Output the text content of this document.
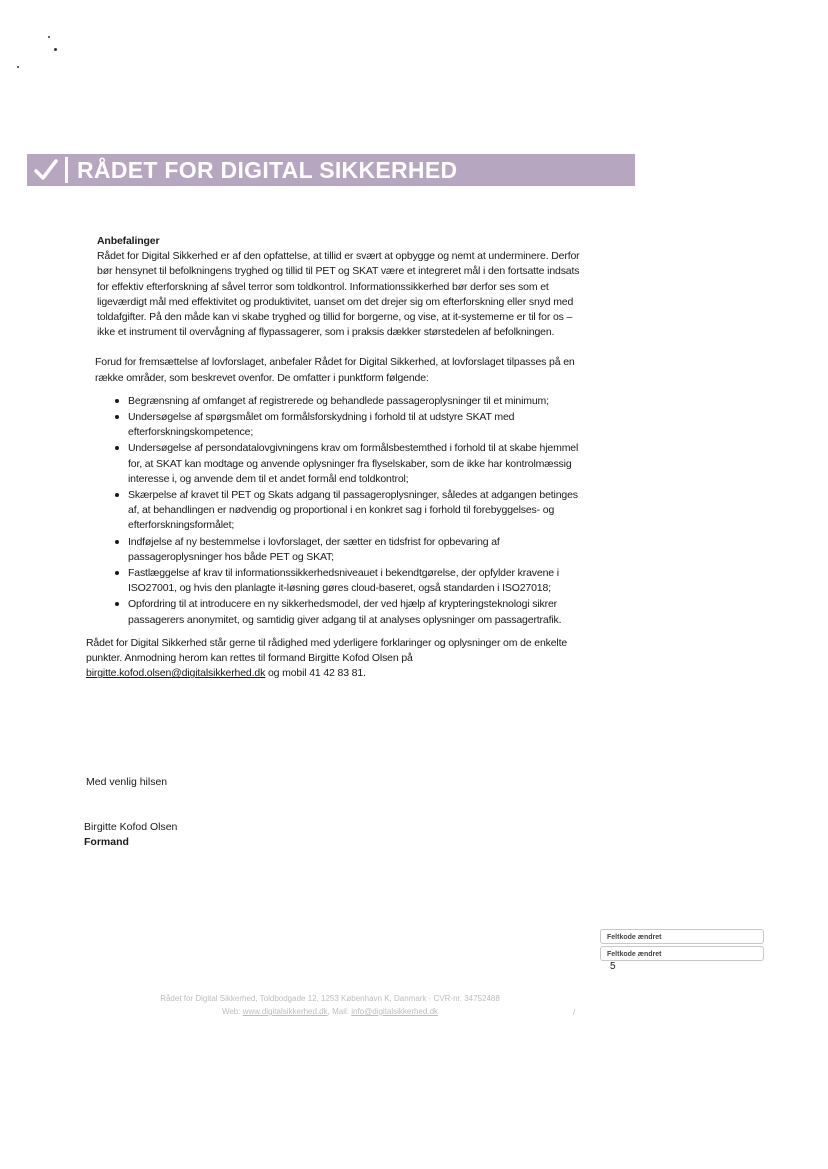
RÅDET FOR DIGITAL SIKKERHED

Anbefalinger

Rådet for Digital Sikkerhed er af den opfattelse, at tillid er svært at opbygge og nemt at underminere. Derfor bør hensynet til befolkningens tryghed og tillid til PET og SKAT være et integreret mål i den fortsatte indsats for effektiv efterforskning af såvel terror som toldkontrol. Informationssikkerhed bør derfor ses som et ligeværdigt mål med effektivitet og produktivitet, uanset om det drejer sig om efterforskning eller snyd med toldafgifter. På den måde kan vi skabe tryghed og tillid for borgerne, og vise, at it-systemerne er til for os – ikke et instrument til overvågning af flypassagerer, som i praksis dækker størstedelen af befolkningen.

Forud for fremsættelse af lovforslaget, anbefaler Rådet for Digital Sikkerhed, at lovforslaget tilpasses på en række områder, som beskrevet ovenfor. De omfatter i punktform følgende:

Begrænsning af omfanget af registrerede og behandlede passageroplysninger til et minimum;
Undersøgelse af spørgsmålet om formålsforskydning i forhold til at udstyre SKAT med efterforskningskompetence;
Undersøgelse af persondatalovgivningens krav om formålsbestemthed i forhold til at skabe hjemmel for, at SKAT kan modtage og anvende oplysninger fra flyselskaber, som de ikke har kontrolmæssig interesse i, og anvende dem til et andet formål end toldkontrol;
Skærpelse af kravet til PET og Skats adgang til passageroplysninger, således at adgangen betinges af, at behandlingen er nødvendig og proportional i en konkret sag i forhold til forebyggelses- og efterforskningsformålet;
Indføjelse af ny bestemmelse i lovforslaget, der sætter en tidsfrist for opbevaring af passageroplysninger hos både PET og SKAT;
Fastlæggelse af krav til informationssikkerhedsniveauet i bekendtgørelse, der opfylder kravene i ISO27001, og hvis den planlagte it-løsning gøres cloud-baseret, også standarden i ISO27018;
Opfordring til at introducere en ny sikkerhedsmodel, der ved hjælp af krypteringsteknologi sikrer passagerers anonymitet, og samtidig giver adgang til at analyses oplysninger om passagertrafik.

Rådet for Digital Sikkerhed står gerne til rådighed med yderligere forklaringer og oplysninger om de enkelte punkter. Anmodning herom kan rettes til formand Birgitte Kofod Olsen på birgitte.kofod.olsen@digitalsikkerhed.dk og mobil 41 42 83 81.

Med venlig hilsen
Birgitte Kofod Olsen
Formand
Feltkode ændret
Feltkode ændret
5
Rådet for Digital Sikkerhed, Toldbodgade 12, 1253 København K, Danmark · CVR-nr. 34752488
Web: www.digitalsikkerhed.dk, Mail: info@digitalsikkerhed.dk	/
